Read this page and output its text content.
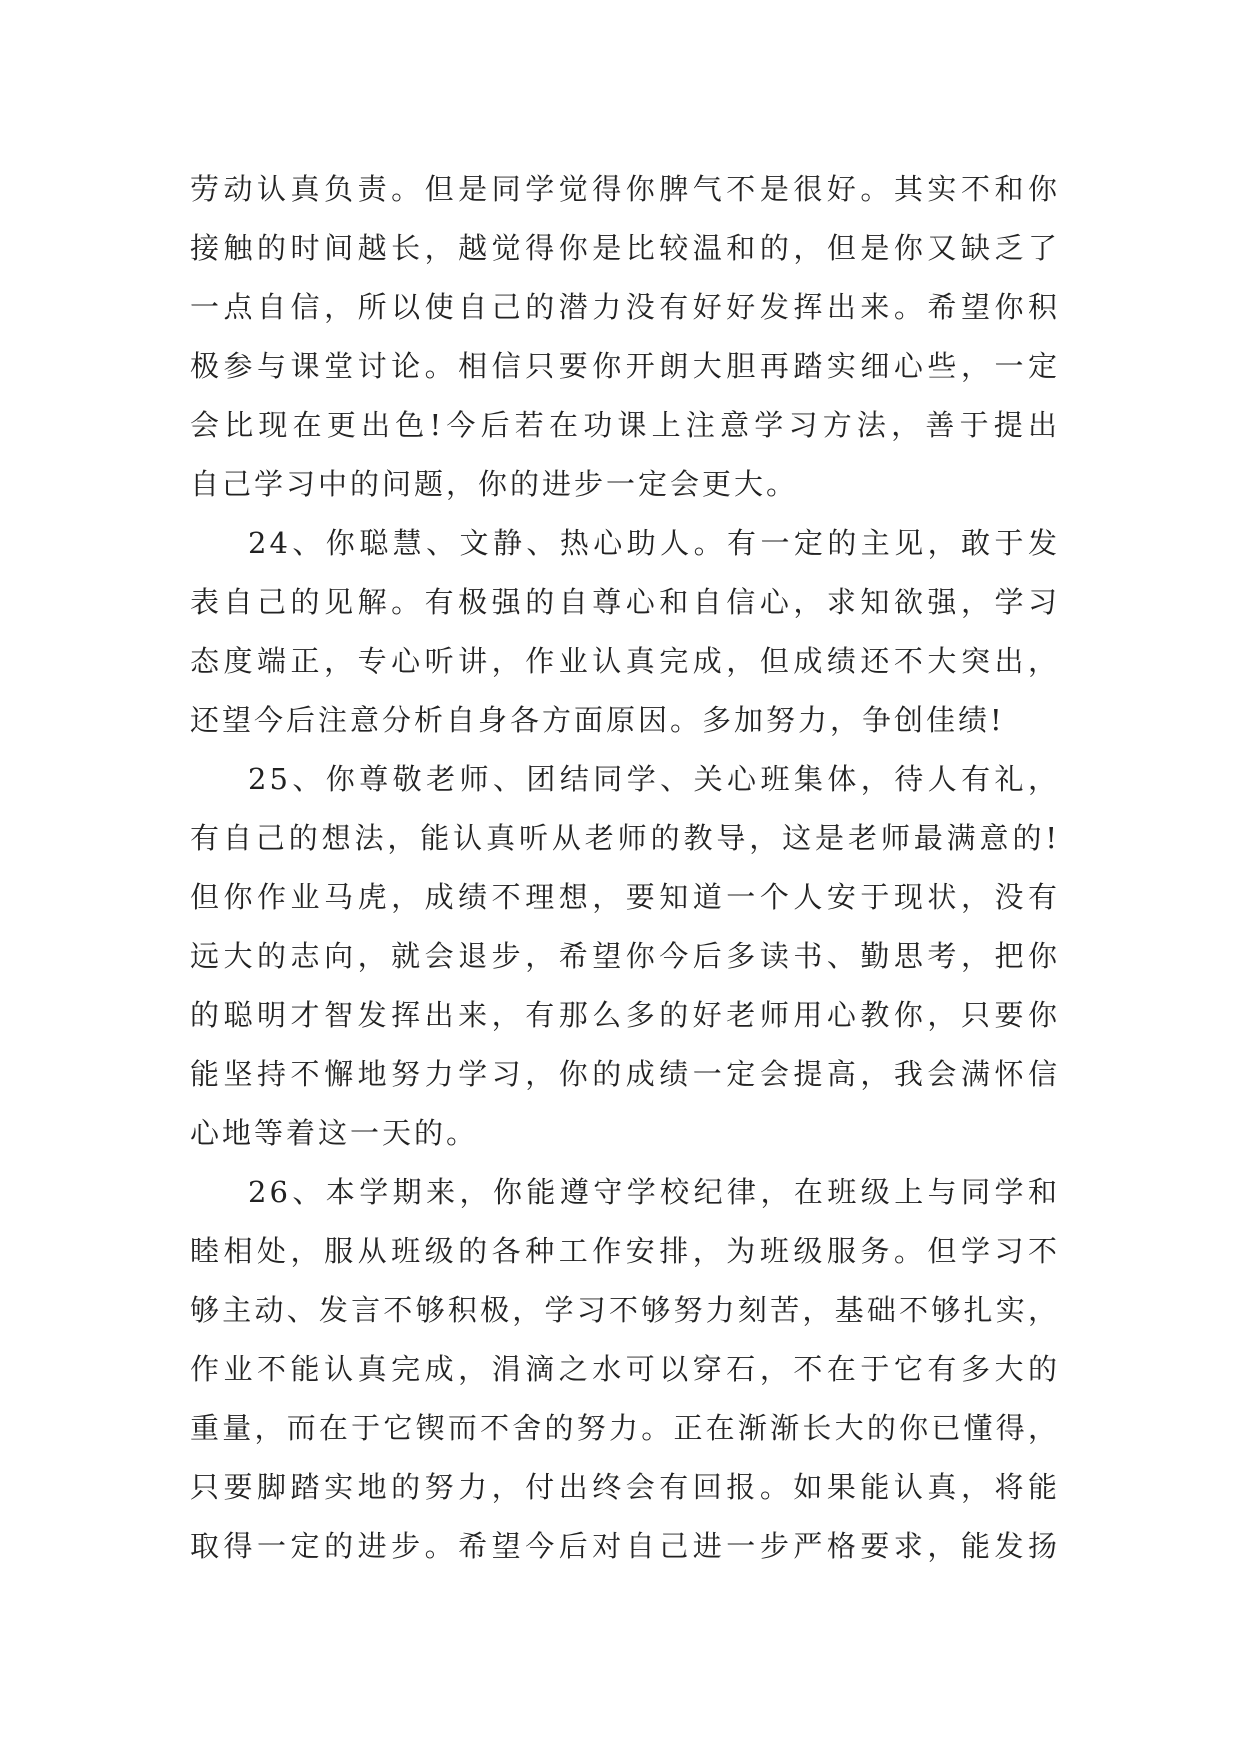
劳动认真负责。但是同学觉得你脾气不是很好。其实不和你
接触的时间越长，越觉得你是比较温和的，但是你又缺乏了
一点自信，所以使自己的潜力没有好好发挥出来。希望你积
极参与课堂讨论。相信只要你开朗大胆再踏实细心些，一定
会比现在更出色!今后若在功课上注意学习方法，善于提出
自己学习中的问题，你的进步一定会更大。
24、你聪慧、文静、热心助人。有一定的主见，敢于发
表自己的见解。有极强的自尊心和自信心，求知欲强，学习
态度端正，专心听讲，作业认真完成，但成绩还不大突出，
还望今后注意分析自身各方面原因。多加努力，争创佳绩!
25、你尊敬老师、团结同学、关心班集体，待人有礼，
有自己的想法，能认真听从老师的教导，这是老师最满意的!
但你作业马虎，成绩不理想，要知道一个人安于现状，没有
远大的志向，就会退步，希望你今后多读书、勤思考，把你
的聪明才智发挥出来，有那么多的好老师用心教你，只要你
能坚持不懈地努力学习，你的成绩一定会提高，我会满怀信
心地等着这一天的。
26、本学期来，你能遵守学校纪律，在班级上与同学和
睦相处，服从班级的各种工作安排，为班级服务。但学习不
够主动、发言不够积极，学习不够努力刻苦，基础不够扎实，
作业不能认真完成，涓滴之水可以穿石，不在于它有多大的
重量，而在于它锲而不舍的努力。正在渐渐长大的你已懂得，
只要脚踏实地的努力，付出终会有回报。如果能认真，将能
取得一定的进步。希望今后对自己进一步严格要求，能发扬
